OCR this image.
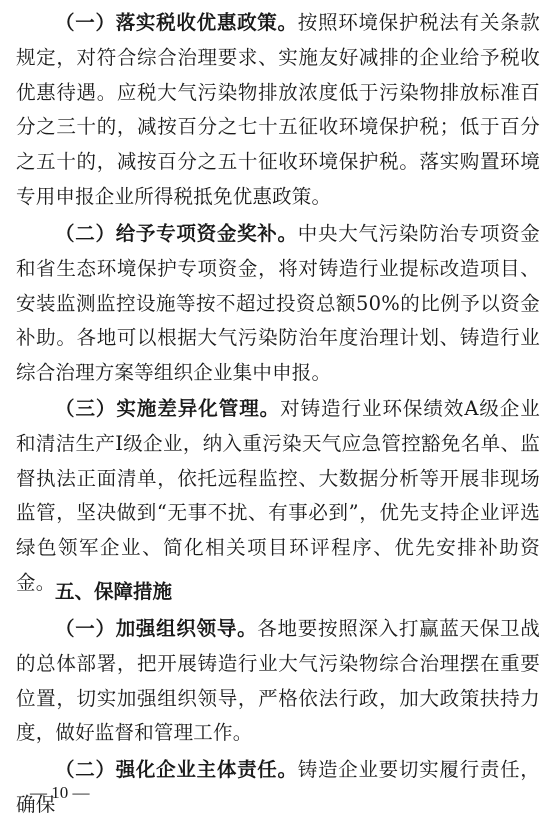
（一）落实税收优惠政策。按照环境保护税法有关条款规定，对符合综合治理要求、实施友好减排的企业给予税收优惠待遇。应税大气污染物排放浓度低于污染物排放标准百分之三十的，减按百分之七十五征收环境保护税；低于百分之五十的，减按百分之五十征收环境保护税。落实购置环境专用申报企业所得税抵免优惠政策。

（二）给予专项资金奖补。中央大气污染防治专项资金和省生态环境保护专项资金，将对铸造行业提标改造项目、安装监测监控设施等按不超过投资总额50%的比例予以资金补助。各地可以根据大气污染防治年度治理计划、铸造行业综合治理方案等组织企业集中申报。

（三）实施差异化管理。对铸造行业环保绩效A级企业和清洁生产I级企业，纳入重污染天气应急管控豁免名单、监督执法正面清单，依托远程监控、大数据分析等开展非现场监管，坚决做到“无事不扰、有事必到”，优先支持企业评选绿色领军企业、简化相关项目环评程序、优先安排补助资金。 五、保障措施

（一）加强组织领导。各地要按照深入打赢蓝天保卫战的总体部署，把开展铸造行业大气污染物综合治理摆在重要位置，切实加强组织领导，严格依法行政，加大政策扶持力度，做好监督和管理工作。

（二）强化企业主体责任。铸造企业要切实履行责任，确保

— 10 —
